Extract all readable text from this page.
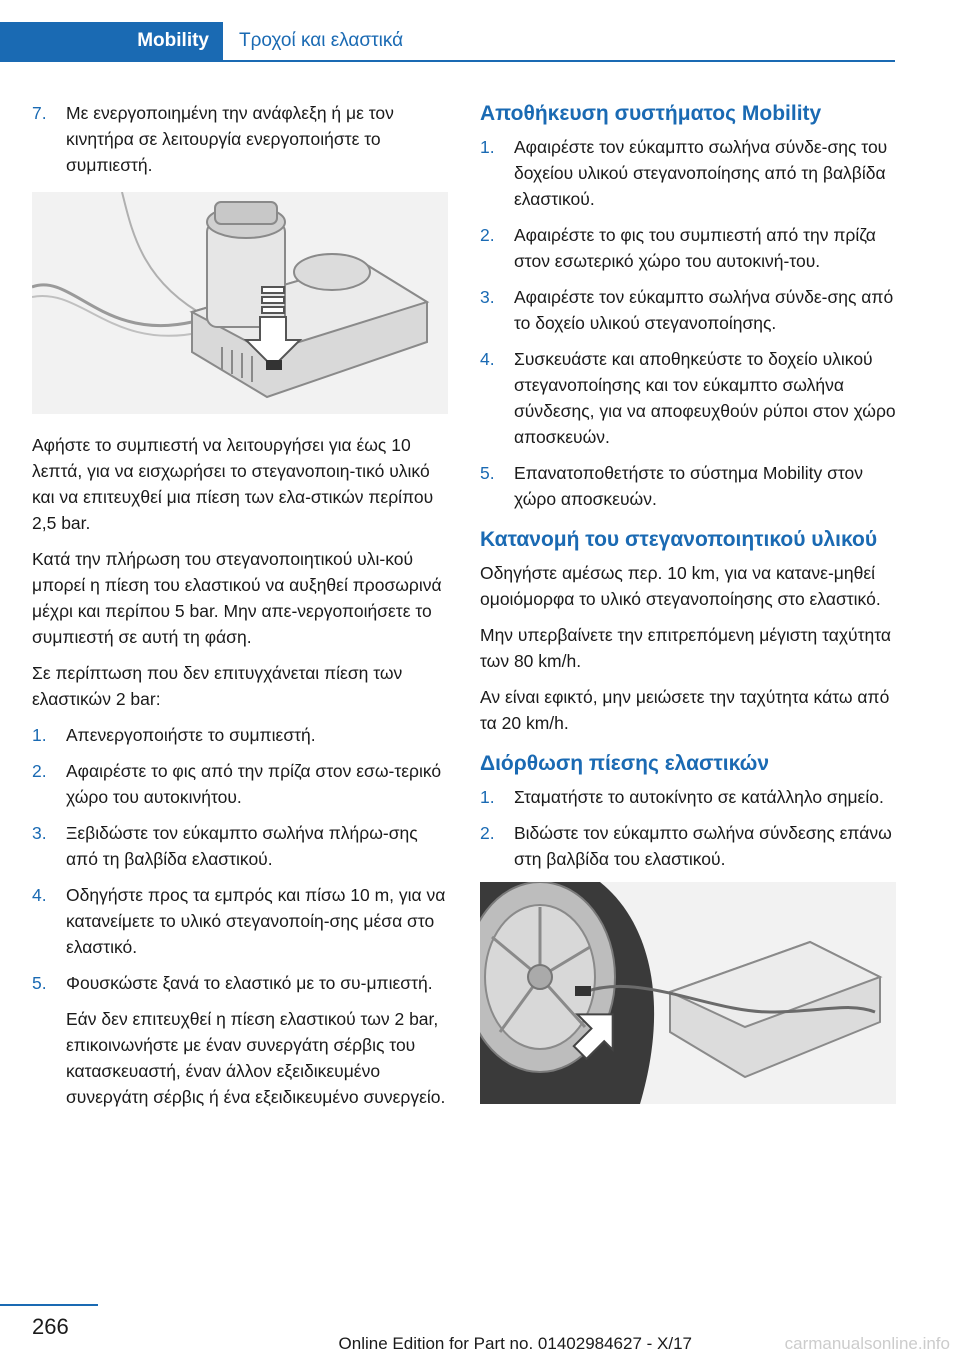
Mobility	Τροχοί και ελαστικά
7. Με ενεργοποιημένη την ανάφλεξη ή με τον κινητήρα σε λειτουργία ενεργοποιήστε το συμπιεστή.

Αφήστε το συμπιεστή να λειτουργήσει για έως 10 λεπτά, για να εισχωρήσει το στεγανοποιη-τικό υλικό και να επιτευχθεί μια πίεση των ελα-στικών περίπου 2,5 bar.

Κατά την πλήρωση του στεγανοποιητικού υλι-κού μπορεί η πίεση του ελαστικού να αυξηθεί προσωρινά μέχρι και περίπου 5 bar. Μην απε-νεργοποιήσετε το συμπιεστή σε αυτή τη φάση.

Σε περίπτωση που δεν επιτυγχάνεται πίεση των ελαστικών 2 bar:

1. Απενεργοποιήστε το συμπιεστή.
2. Αφαιρέστε το φις από την πρίζα στον εσω-τερικό χώρο του αυτοκινήτου.
3. Ξεβιδώστε τον εύκαμπτο σωλήνα πλήρω-σης από τη βαλβίδα ελαστικού.
4. Οδηγήστε προς τα εμπρός και πίσω 10 m, για να κατανείμετε το υλικό στεγανοποίη-σης μέσα στο ελαστικό.
5. Φουσκώστε ξανά το ελαστικό με το συ-μπιεστή.
Εάν δεν επιτευχθεί η πίεση ελαστικού των 2 bar, επικοινωνήστε με έναν συνεργάτη σέρβις του κατασκευαστή, έναν άλλον εξειδικευμένο συνεργάτη σέρβις ή ένα εξειδικευμένο συνεργείο.
Αποθήκευση συστήματος Mobility
1. Αφαιρέστε τον εύκαμπτο σωλήνα σύνδε-σης του δοχείου υλικού στεγανοποίησης από τη βαλβίδα ελαστικού.
2. Αφαιρέστε το φις του συμπιεστή από την πρίζα στον εσωτερικό χώρο του αυτοκινή-του.
3. Αφαιρέστε τον εύκαμπτο σωλήνα σύνδε-σης από το δοχείο υλικού στεγανοποίησης.
4. Συσκευάστε και αποθηκεύστε το δοχείο υλικού στεγανοποίησης και τον εύκαμπτο σωλήνα σύνδεσης, για να αποφευχθούν ρύποι στον χώρο αποσκευών.
5. Επανατοποθετήστε το σύστημα Mobility στον χώρο αποσκευών.
Κατανομή του στεγανοποιητικού υλικού

Οδηγήστε αμέσως περ. 10 km, για να κατανε-μηθεί ομοιόμορφα το υλικό στεγανοποίησης στο ελαστικό.

Μην υπερβαίνετε την επιτρεπόμενη μέγιστη ταχύτητα των 80 km/h.

Αν είναι εφικτό, μην μειώσετε την ταχύτητα κάτω από τα 20 km/h.

Διόρθωση πίεσης ελαστικών
1. Σταματήστε το αυτοκίνητο σε κατάλληλο σημείο.
2. Βιδώστε τον εύκαμπτο σωλήνα σύνδεσης επάνω στη βαλβίδα του ελαστικού.
266
Online Edition for Part no. 01402984627 - X/17	carmanualsonline.info
